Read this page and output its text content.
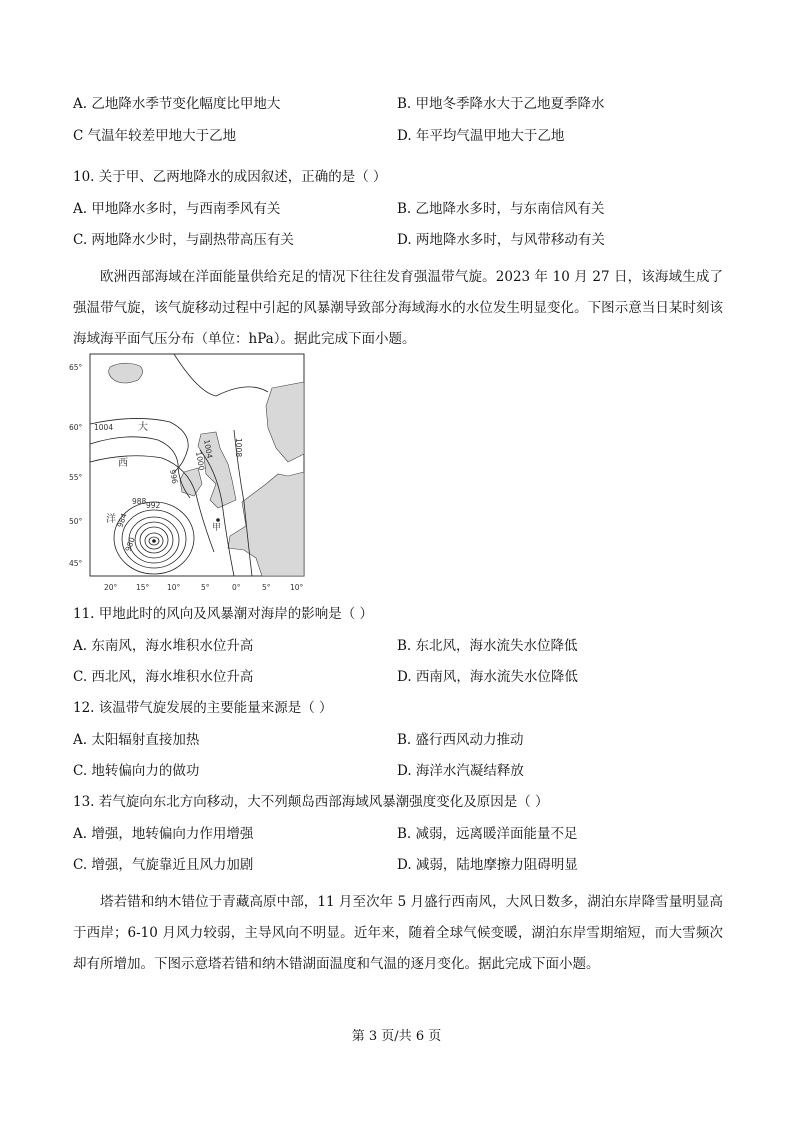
A. 乙地降水季节变化幅度比甲地大	B. 甲地冬季降水大于乙地夏季降水
C 气温年较差甲地大于乙地	D. 年平均气温甲地大于乙地
10. 关于甲、乙两地降水的成因叙述，正确的是（ ）
A. 甲地降水多时，与西南季风有关	B. 乙地降水多时，与东南信风有关
C. 两地降水少时，与副热带高压有关	D. 两地降水多时，与风带移动有关
欧洲西部海域在洋面能量供给充足的情况下往往发育强温带气旋。2023 年 10 月 27 日，该海域生成了强温带气旋，该气旋移动过程中引起的风暴潮导致部分海域海水的水位发生明显变化。下图示意当日某时刻该海域海平面气压分布（单位：hPa）。据此完成下面小题。
65°
60°
55°
50°
45°
20° 15° 10°	5°	0°	5°	10°
1004
996
1000
1004	1008
992
988
984
980
大
西
洋
甲
11. 甲地此时的风向及风暴潮对海岸的影响是（ ）
A. 东南风，海水堆积水位升高	B. 东北风，海水流失水位降低
C. 西北风，海水堆积水位升高	D. 西南风，海水流失水位降低
12. 该温带气旋发展的主要能量来源是（ ）
A. 太阳辐射直接加热	B. 盛行西风动力推动
C. 地转偏向力的做功	D. 海洋水汽凝结释放
13. 若气旋向东北方向移动，大不列颠岛西部海域风暴潮强度变化及原因是（ ）
A. 增强，地转偏向力作用增强	B. 减弱，远离暖洋面能量不足
C. 增强，气旋靠近且风力加剧	D. 减弱，陆地摩擦力阻碍明显
塔若错和纳木错位于青藏高原中部，11 月至次年 5 月盛行西南风，大风日数多，湖泊东岸降雪量明显高于西岸；6-10 月风力较弱，主导风向不明显。近年来，随着全球气候变暖，湖泊东岸雪期缩短，而大雪频次却有所增加。下图示意塔若错和纳木错湖面温度和气温的逐月变化。据此完成下面小题。
第 3 页/共 6 页
